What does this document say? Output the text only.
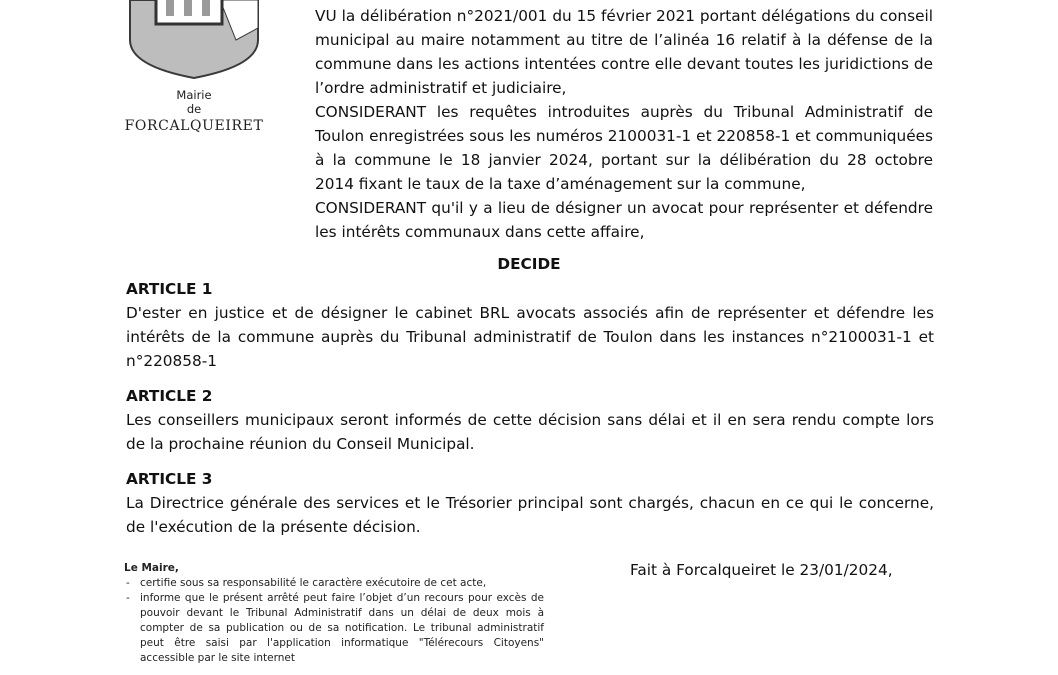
Mairie
de
FORCALQUEIRET

VU la délibération n°2021/001 du 15 février 2021 portant délégations du conseil municipal au maire notamment au titre de l’alinéa 16 relatif à la défense de la commune dans les actions intentées contre elle devant toutes les juridictions de l’ordre administratif et judiciaire,

CONSIDERANT les requêtes introduites auprès du Tribunal Administratif de Toulon enregistrées sous les numéros 2100031-1 et 220858-1 et communiquées à la commune le 18 janvier 2024, portant sur la délibération du 28 octobre 2014 fixant le taux de la taxe d’aménagement sur la commune,

CONSIDERANT qu'il y a lieu de désigner un avocat pour représenter et défendre les intérêts communaux dans cette affaire,

DECIDE
ARTICLE 1

D'ester en justice et de désigner le cabinet BRL avocats associés afin de représenter et défendre les intérêts de la commune auprès du Tribunal administratif de Toulon dans les instances n°2100031-1 et n°220858-1

ARTICLE 2

Les conseillers municipaux seront informés de cette décision sans délai et il en sera rendu compte lors de la prochaine réunion du Conseil Municipal.

ARTICLE 3

La Directrice générale des services et le Trésorier principal sont chargés, chacun en ce qui le concerne, de l'exécution de la présente décision.

Le Maire,
- certifie sous sa responsabilité le caractère exécutoire de cet acte,
- informe que le présent arrêté peut faire l’objet d’un recours pour excès de pouvoir devant le Tribunal Administratif dans un délai de deux mois à compter de sa publication ou de sa notification. Le tribunal administratif peut être saisi par l'application informatique "Télérecours Citoyens" accessible par le site internet
Fait à Forcalqueiret le 23/01/2024,
